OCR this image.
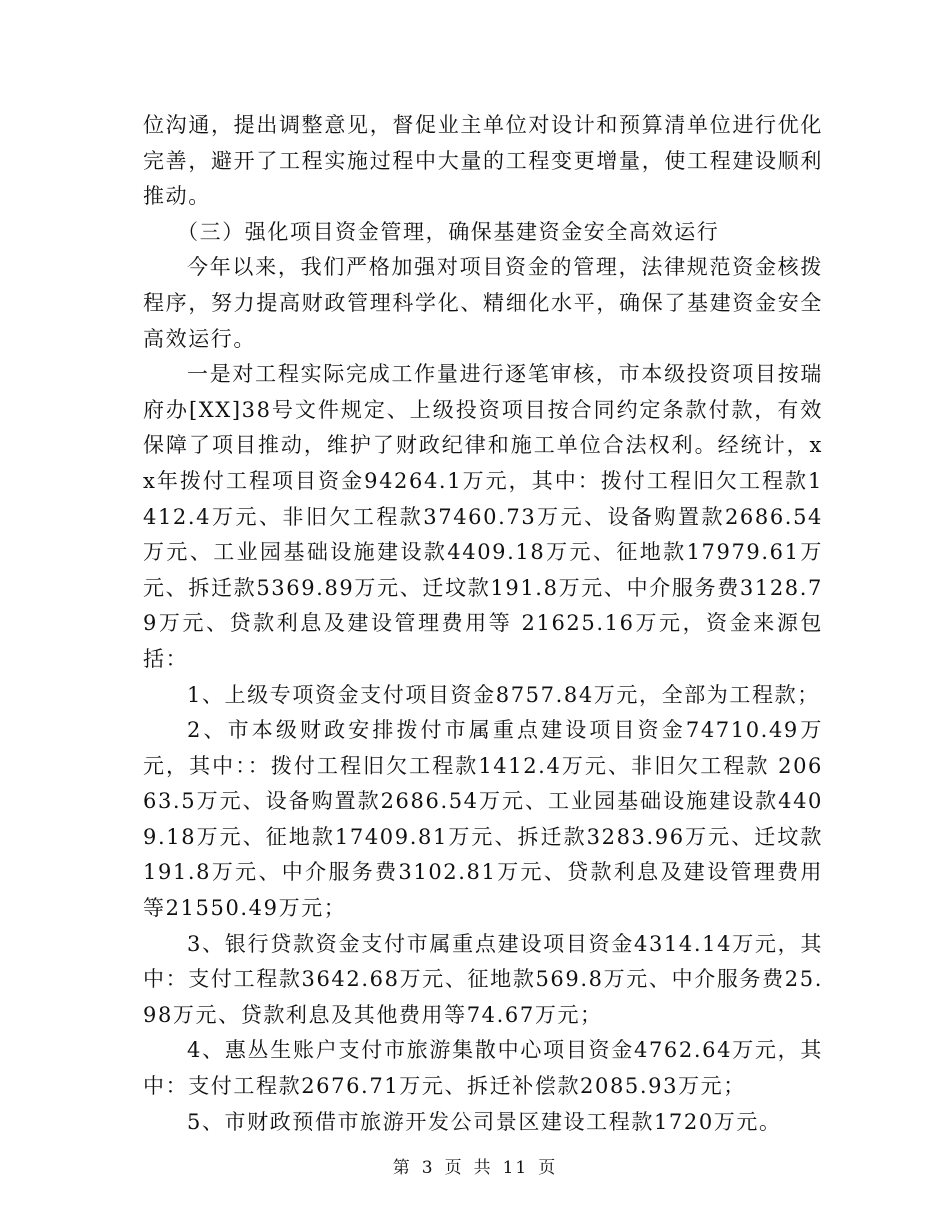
位沟通，提出调整意见，督促业主单位对设计和预算清单位进行优化完善，避开了工程实施过程中大量的工程变更增量，使工程建设顺利推动。

（三）强化项目资金管理，确保基建资金安全高效运行

今年以来，我们严格加强对项目资金的管理，法律规范资金核拨程序，努力提高财政管理科学化、精细化水平，确保了基建资金安全高效运行。

一是对工程实际完成工作量进行逐笔审核，市本级投资项目按瑞府办[XX]38号文件规定、上级投资项目按合同约定条款付款，有效保障了项目推动，维护了财政纪律和施工单位合法权利。经统计，xx年拨付工程项目资金94264.1万元，其中：拨付工程旧欠工程款1412.4万元、非旧欠工程款37460.73万元、设备购置款2686.54万元、工业园基础设施建设款4409.18万元、征地款17979.61万元、拆迁款5369.89万元、迁坟款191.8万元、中介服务费3128.79万元、贷款利息及建设管理费用等 21625.16万元，资金来源包括：

1、上级专项资金支付项目资金8757.84万元，全部为工程款；

2、市本级财政安排拨付市属重点建设项目资金74710.49万元，其中：：拨付工程旧欠工程款1412.4万元、非旧欠工程款 20663.5万元、设备购置款2686.54万元、工业园基础设施建设款4409.18万元、征地款17409.81万元、拆迁款3283.96万元、迁坟款191.8万元、中介服务费3102.81万元、贷款利息及建设管理费用等21550.49万元；

3、银行贷款资金支付市属重点建设项目资金4314.14万元，其中：支付工程款3642.68万元、征地款569.8万元、中介服务费25.98万元、贷款利息及其他费用等74.67万元；

4、惠丛生账户支付市旅游集散中心项目资金4762.64万元，其中：支付工程款2676.71万元、拆迁补偿款2085.93万元；

5、市财政预借市旅游开发公司景区建设工程款1720万元。

第 3 页 共 11 页
